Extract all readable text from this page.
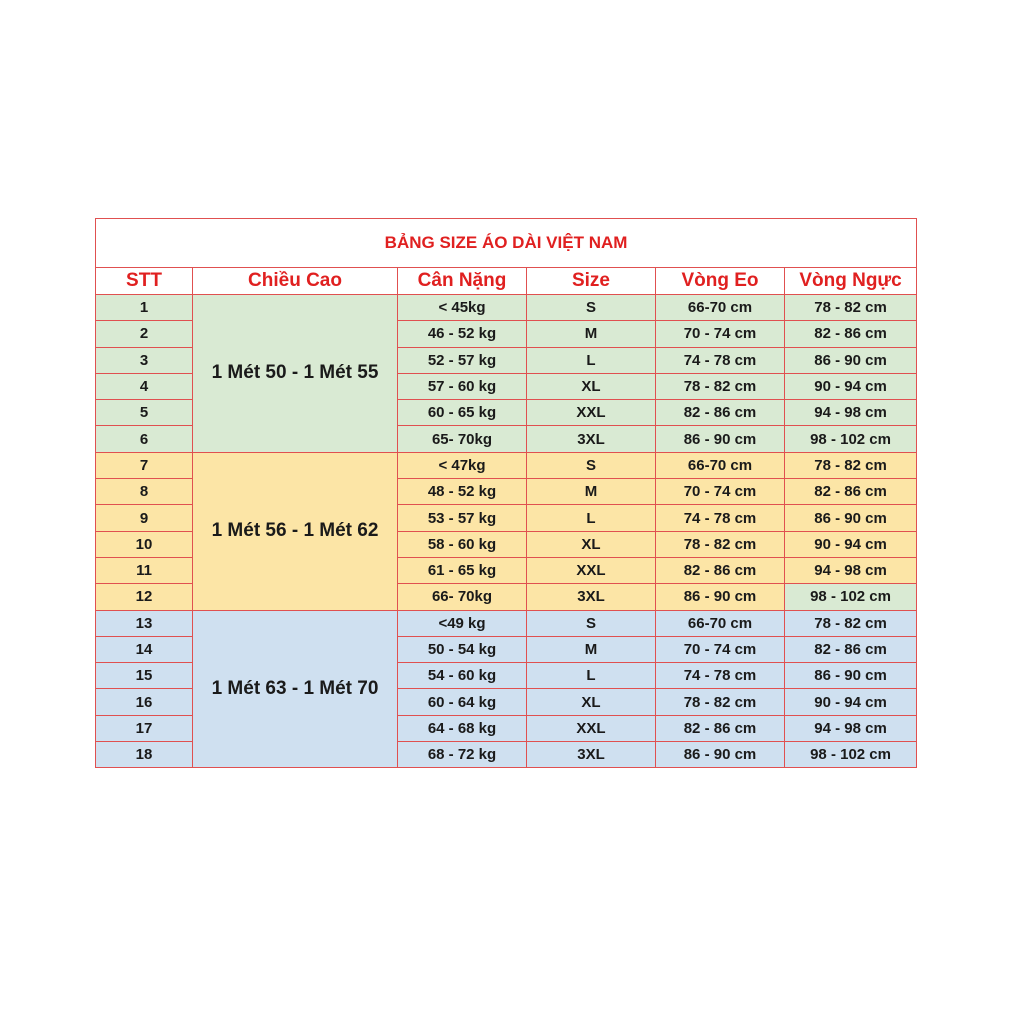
BẢNG SIZE ÁO DÀI VIỆT NAM					
STT	Chiều Cao	Cân Nặng	Size	Vòng Eo	Vòng Ngực
1	1 Mét 50 - 1 Mét 55	< 45kg	S	66-70 cm	78 - 82 cm
2		46 - 52 kg	M	70 - 74 cm	82 - 86 cm
3		52 - 57 kg	L	74 - 78 cm	86 - 90 cm
4		57 - 60 kg	XL	78 - 82 cm	90 - 94 cm
5		60 - 65 kg	XXL	82 - 86 cm	94 - 98 cm
6		65- 70kg	3XL	86 - 90 cm	98 - 102 cm
7	1 Mét 56 - 1 Mét 62	< 47kg	S	66-70 cm	78 - 82 cm
8		48 - 52 kg	M	70 - 74 cm	82 - 86 cm
9		53 - 57 kg	L	74 - 78 cm	86 - 90 cm
10		58 - 60 kg	XL	78 - 82 cm	90 - 94 cm
11		61 - 65 kg	XXL	82 - 86 cm	94 - 98 cm
12		66- 70kg	3XL	86 - 90 cm	98 - 102 cm
13	1 Mét 63 - 1 Mét 70	<49 kg	S	66-70 cm	78 - 82 cm
14		50 - 54 kg	M	70 - 74 cm	82 - 86 cm
15		54 - 60 kg	L	74 - 78 cm	86 - 90 cm
16		60 - 64 kg	XL	78 - 82 cm	90 - 94 cm
17		64 - 68 kg	XXL	82 - 86 cm	94 - 98 cm
18		68 - 72 kg	3XL	86 - 90 cm	98 - 102 cm
